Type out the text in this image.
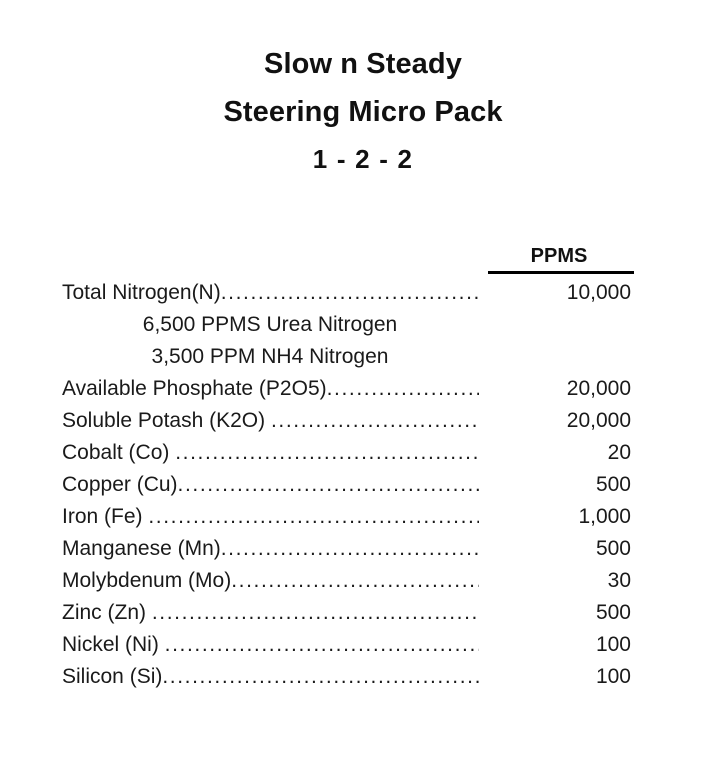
Slow n Steady
Steering Micro Pack
1 - 2 - 2
PPMS
Total Nitrogen(N) .....	10,000
6,500 PPMS Urea Nitrogen
3,500 PPM NH4 Nitrogen
Available Phosphate (P2O5) .....	20,000
Soluble Potash (K2O) .....	20,000
Cobalt (Co) .....	20
Copper (Cu) .....	500
Iron (Fe) .....	1,000
Manganese (Mn) .....	500
Molybdenum (Mo) .....	30
Zinc (Zn) .....	500
Nickel (Ni) .....	100
Silicon (Si) .....	100
